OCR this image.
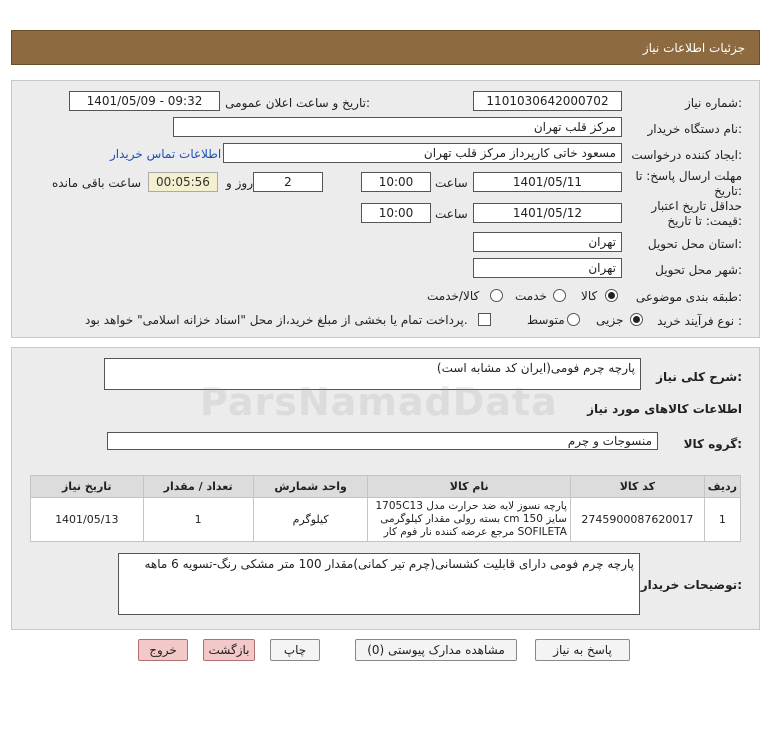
جزئیات اطلاعات نیاز
شماره نیاز:
1101030642000702
تاریخ و ساعت اعلان عمومی:
1401/05/09 - 09:32
نام دستگاه خریدار:
مرکز قلب تهران
ایجاد کننده درخواست:
مسعود خاتی کارپرداز مرکز قلب تهران
اطلاعات تماس خریدار
مهلت ارسال پاسخ: تا تاریخ:
1401/05/11
ساعت
10:00
2
روز و
00:05:56
ساعت باقی مانده
حداقل تاریخ اعتبار قیمت: تا تاریخ:
1401/05/12
ساعت
10:00
استان محل تحویل:
تهران
شهر محل تحویل:
تهران
طبقه بندی موضوعی:
کالا
خدمت
کالا/خدمت
نوع فرآیند خرید :
جزیی
متوسط
پرداخت تمام یا بخشی از مبلغ خرید،از محل "اسناد خزانه اسلامی" خواهد بود.
شرح کلی نیاز:
پارچه چرم فومی(ایران کد مشابه است)
اطلاعات کالاهای مورد نیاز
گروه کالا:
منسوجات و چرم
ردیف	کد کالا	نام کالا	واحد شمارش	تعداد / مقدار	تاریخ نیاز
1	2745900087620017	پارچه نسوز لایه ضد حرارت مدل 1705C13 سایز 150 cm بسته رولی مقدار کیلوگرمی SOFILETA مرجع عرضه کننده نار فوم کار	کیلوگرم	1	1401/05/13
توضیحات خریدار:
پارچه چرم فومی دارای قابلیت کشسانی(چرم تیر کمانی)مقدار 100 متر مشکی رنگ-تسویه 6 ماهه
پاسخ به نیاز
مشاهده مدارک پیوستی (0)
چاپ
بازگشت
خروج
